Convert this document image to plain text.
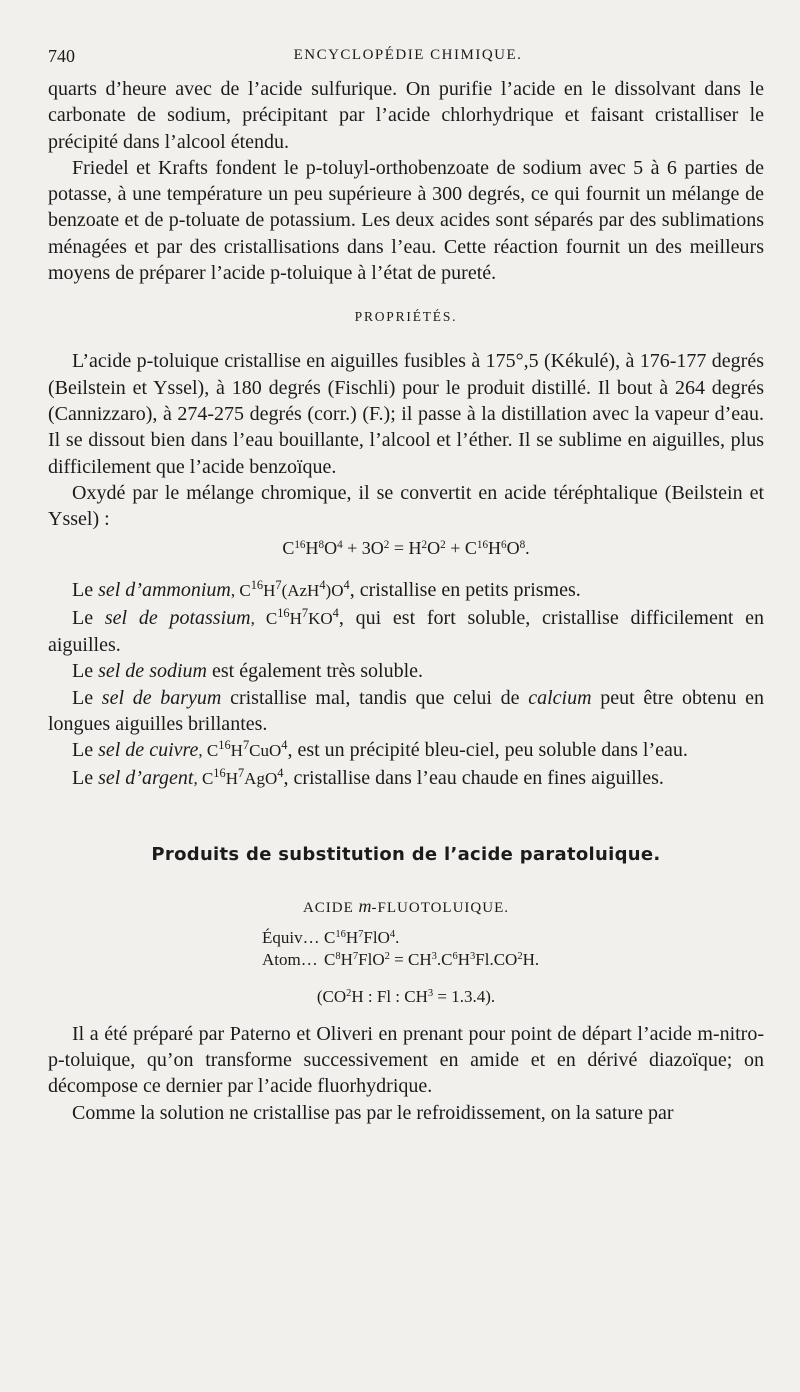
740	ENCYCLOPÉDIE CHIMIQUE.

quarts d’heure avec de l’acide sulfurique. On purifie l’acide en le dissolvant dans le carbonate de sodium, précipitant par l’acide chlorhydrique et faisant cristalliser le précipité dans l’alcool étendu.

Friedel et Krafts fondent le p-toluyl-orthobenzoate de sodium avec 5 à 6 parties de potasse, à une température un peu supérieure à 300 degrés, ce qui fournit un mélange de benzoate et de p-toluate de potassium. Les deux acides sont séparés par des sublimations ménagées et par des cristallisations dans l’eau. Cette réaction fournit un des meilleurs moyens de préparer l’acide p-toluique à l’état de pureté.

PROPRIÉTÉS.

L’acide p-toluique cristallise en aiguilles fusibles à 175°,5 (Kékulé), à 176-177 degrés (Beilstein et Yssel), à 180 degrés (Fischli) pour le produit distillé. Il bout à 264 degrés (Cannizzaro), à 274-275 degrés (corr.) (F.); il passe à la distillation avec la vapeur d’eau. Il se dissout bien dans l’eau bouillante, l’alcool et l’éther. Il se sublime en aiguilles, plus difficilement que l’acide benzoïque.

Oxydé par le mélange chromique, il se convertit en acide téréphtalique (Beilstein et Yssel) :

$C^{16}H^8O^4 + 3O^2 = H^2O^2 + C^{16}H^6O^8$.

Le sel d’ammonium, $C^{16}H^7(AzH^4)O^4$, cristallise en petits prismes.

Le sel de potassium, $C^{16}H^7KO^4$, qui est fort soluble, cristallise difficilement en aiguilles.

Le sel de sodium est également très soluble.

Le sel de baryum cristallise mal, tandis que celui de calcium peut être obtenu en longues aiguilles brillantes.

Le sel de cuivre, $C^{16}H^7CuO^4$, est un précipité bleu-ciel, peu soluble dans l’eau.

Le sel d’argent, $C^{16}H^7AgO^4$, cristallise dans l’eau chaude en fines aiguilles.

Produits de substitution de l’acide paratoluique.

ACIDE m-FLUOTOLUIQUE.

Équiv… $C^{16}H^7FlO^4$.
Atom… $C^8H^7FlO^2 = CH^3.C^6H^3Fl.CO^2H$.

($CO^2H$ : Fl : $CH^3 = 1.3.4$).

Il a été préparé par Paterno et Oliveri en prenant pour point de départ l’acide m-nitro-p-toluique, qu’on transforme successivement en amide et en dérivé diazoïque; on décompose ce dernier par l’acide fluorhydrique.

Comme la solution ne cristallise pas par le refroidissement, on la sature par
